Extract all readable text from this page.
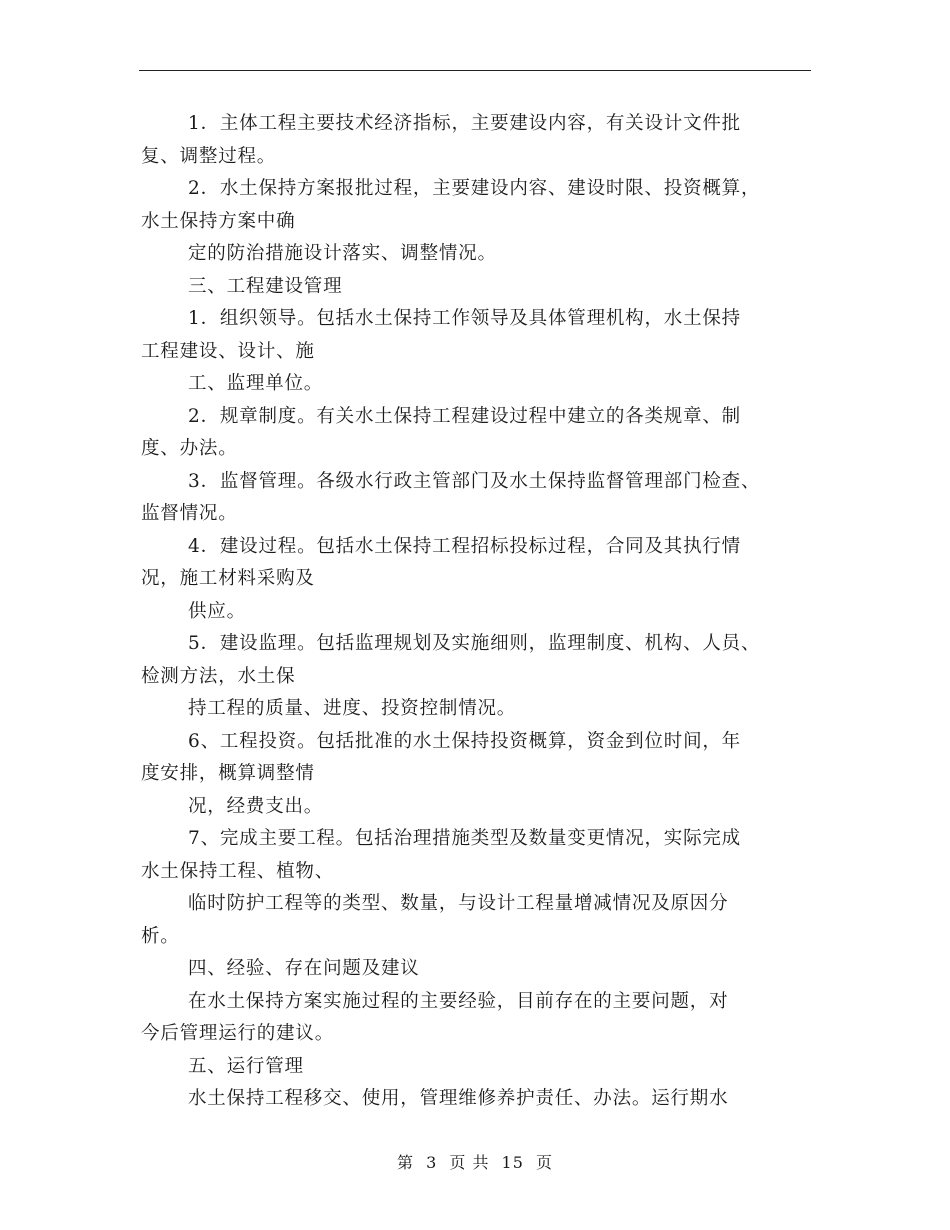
1．主体工程主要技术经济指标，主要建设内容，有关设计文件批
复、调整过程。
2．水土保持方案报批过程，主要建设内容、建设时限、投资概算，
水土保持方案中确
定的防治措施设计落实、调整情况。
三、工程建设管理
1．组织领导。包括水土保持工作领导及具体管理机构，水土保持
工程建设、设计、施
工、监理单位。
2．规章制度。有关水土保持工程建设过程中建立的各类规章、制
度、办法。
3．监督管理。各级水行政主管部门及水土保持监督管理部门检查、
监督情况。
4．建设过程。包括水土保持工程招标投标过程，合同及其执行情
况，施工材料采购及
供应。
5．建设监理。包括监理规划及实施细则，监理制度、机构、人员、
检测方法，水土保
持工程的质量、进度、投资控制情况。
6、工程投资。包括批准的水土保持投资概算，资金到位时间，年
度安排，概算调整情
况，经费支出。
7、完成主要工程。包括治理措施类型及数量变更情况，实际完成
水土保持工程、植物、
临时防护工程等的类型、数量，与设计工程量增减情况及原因分
析。
四、经验、存在问题及建议
在水土保持方案实施过程的主要经验，目前存在的主要问题，对
今后管理运行的建议。
五、运行管理
水土保持工程移交、使用，管理维修养护责任、办法。运行期水
第 3 页 共 15 页
